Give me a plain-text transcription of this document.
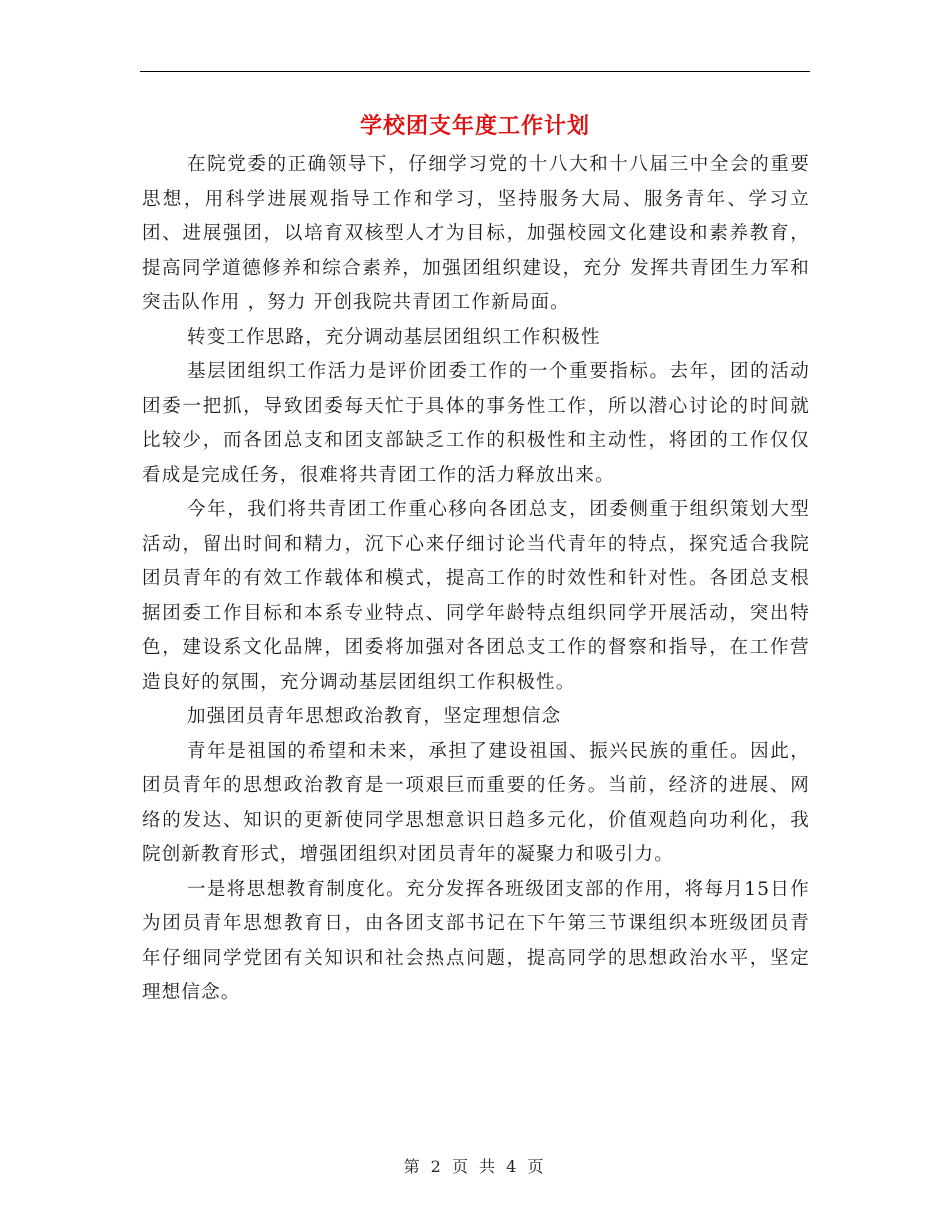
学校团支年度工作计划

在院党委的正确领导下，仔细学习党的十八大和十八届三中全会的重要思想，用科学进展观指导工作和学习，坚持服务大局、服务青年、学习立团、进展强团，以培育双核型人才为目标，加强校园文化建设和素养教育，提高同学道德修养和综合素养，加强团组织建设，充分 发挥共青团生力军和突击队作用 ，努力 开创我院共青团工作新局面。

转变工作思路，充分调动基层团组织工作积极性

基层团组织工作活力是评价团委工作的一个重要指标。去年，团的活动团委一把抓，导致团委每天忙于具体的事务性工作，所以潜心讨论的时间就比较少，而各团总支和团支部缺乏工作的积极性和主动性，将团的工作仅仅看成是完成任务，很难将共青团工作的活力释放出来。

今年，我们将共青团工作重心移向各团总支，团委侧重于组织策划大型活动，留出时间和精力，沉下心来仔细讨论当代青年的特点，探究适合我院团员青年的有效工作载体和模式，提高工作的时效性和针对性。各团总支根据团委工作目标和本系专业特点、同学年龄特点组织同学开展活动，突出特色，建设系文化品牌，团委将加强对各团总支工作的督察和指导，在工作营造良好的氛围，充分调动基层团组织工作积极性。

加强团员青年思想政治教育，坚定理想信念

青年是祖国的希望和未来，承担了建设祖国、振兴民族的重任。因此，团员青年的思想政治教育是一项艰巨而重要的任务。当前，经济的进展、网络的发达、知识的更新使同学思想意识日趋多元化，价值观趋向功利化，我院创新教育形式，增强团组织对团员青年的凝聚力和吸引力。

一是将思想教育制度化。充分发挥各班级团支部的作用，将每月15日作为团员青年思想教育日，由各团支部书记在下午第三节课组织本班级团员青年仔细同学党团有关知识和社会热点问题，提高同学的思想政治水平，坚定理想信念。

第 2 页 共 4 页
